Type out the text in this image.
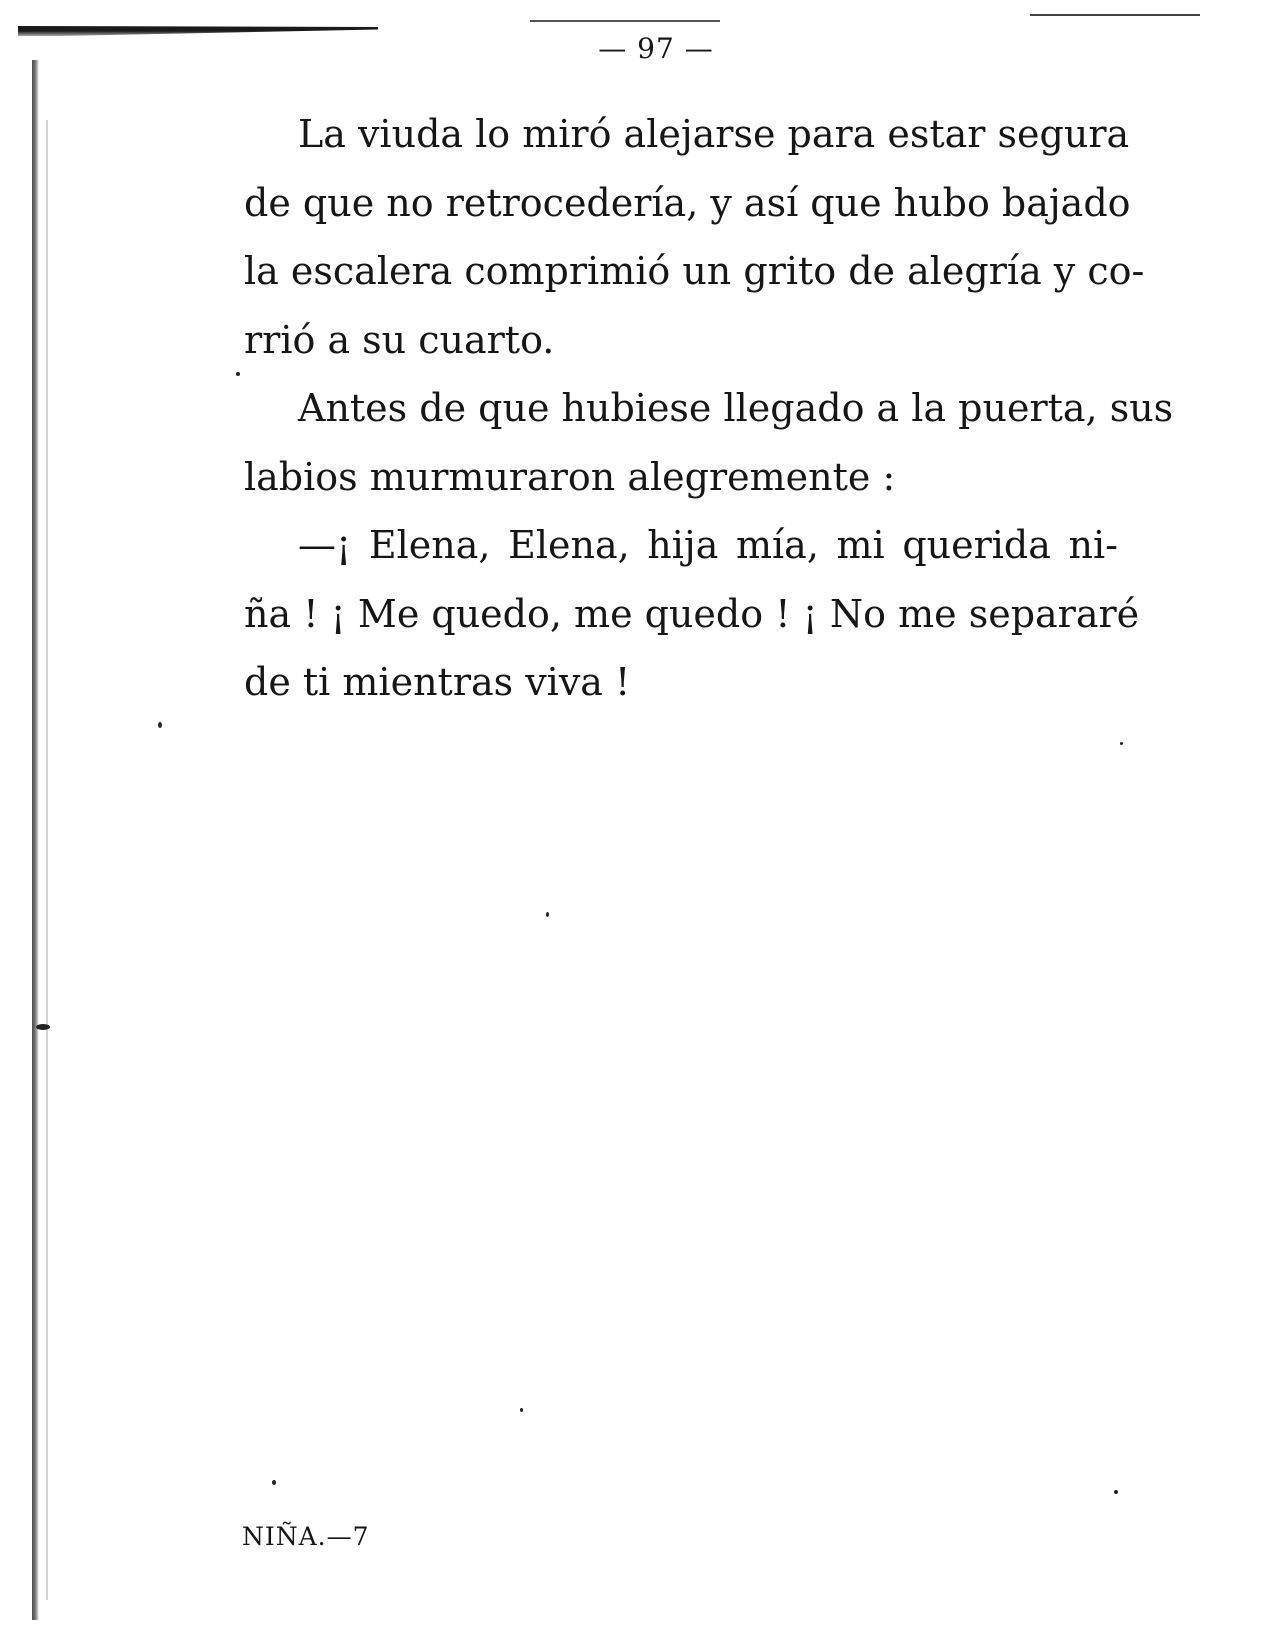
— 97 —
La viuda lo miró alejarse para estar segura
de que no retrocedería, y así que hubo bajado
la escalera comprimió un grito de alegría y co-
rrió a su cuarto.
Antes de que hubiese llegado a la puerta, sus
labios murmuraron alegremente :
—¡ Elena, Elena, hija mía, mi querida ni-
ña ! ¡ Me quedo, me quedo ! ¡ No me separaré
de ti mientras viva !
NIÑA.—7
